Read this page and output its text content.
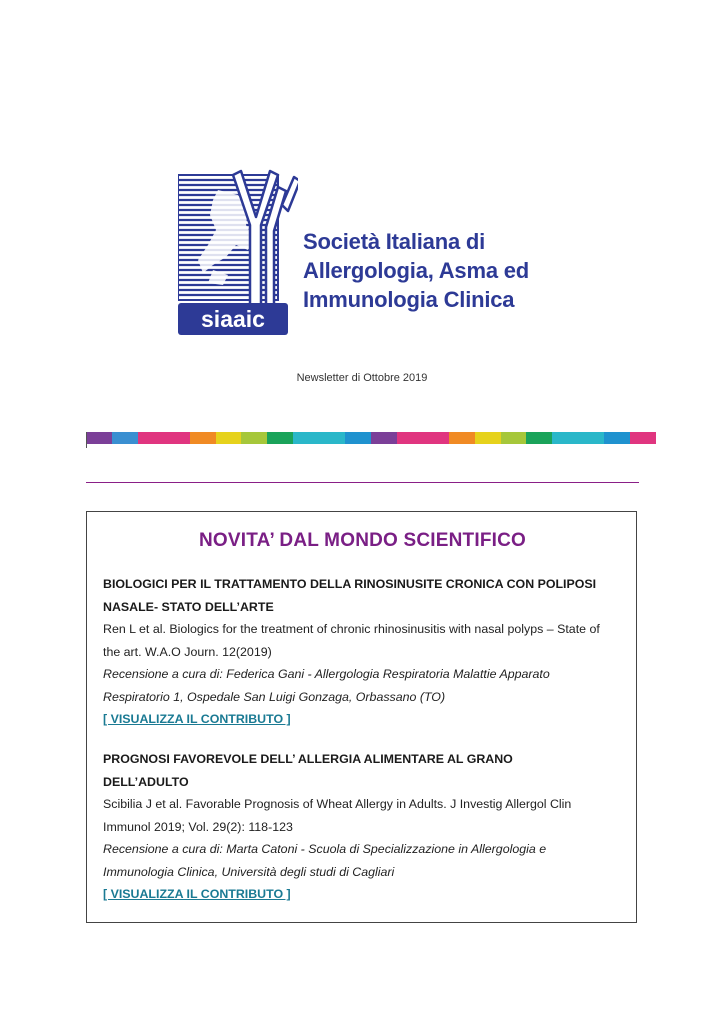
siaaic
Società Italiana di
Allergologia, Asma ed
Immunologia Clinica
Newsletter di Ottobre 2019
NOVITA’ DAL MONDO SCIENTIFICO

BIOLOGICI PER IL TRATTAMENTO DELLA RINOSINUSITE CRONICA CON POLIPOSI
NASALE- STATO DELL’ARTE

Ren L et al. Biologics for the treatment of chronic rhinosinusitis with nasal polyps – State of
the art. W.A.O Journ. 12(2019)

Recensione a cura di: Federica Gani - Allergologia Respiratoria Malattie Apparato
Respiratorio 1, Ospedale San Luigi Gonzaga, Orbassano (TO)

[ VISUALIZZA IL CONTRIBUTO ]

PROGNOSI FAVOREVOLE DELL’ ALLERGIA ALIMENTARE AL GRANO
DELL’ADULTO

Scibilia J et al. Favorable Prognosis of Wheat Allergy in Adults. J Investig Allergol Clin
Immunol 2019; Vol. 29(2): 118-123

Recensione a cura di: Marta Catoni - Scuola di Specializzazione in Allergologia e
Immunologia Clinica, Università degli studi di Cagliari

[ VISUALIZZA IL CONTRIBUTO ]
